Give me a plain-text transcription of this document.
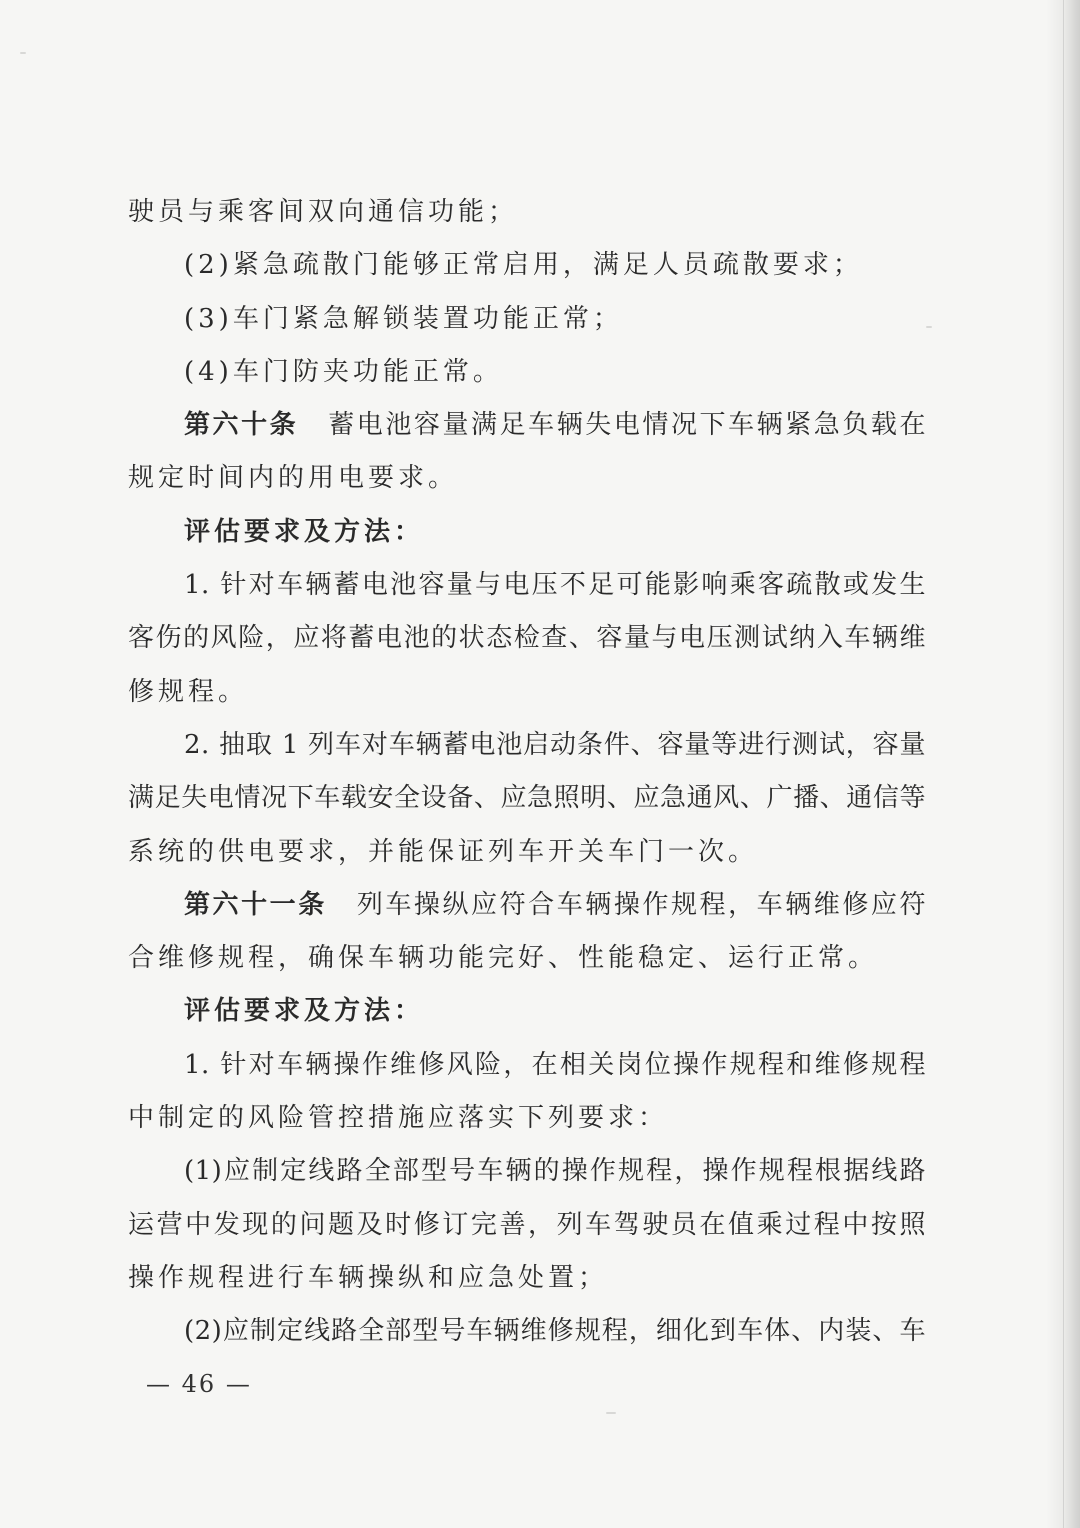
驶员与乘客间双向通信功能；
(2)紧急疏散门能够正常启用，满足人员疏散要求；
(3)车门紧急解锁装置功能正常；
(4)车门防夹功能正常。
第六十条 蓄电池容量满足车辆失电情况下车辆紧急负载在
规定时间内的用电要求。
评估要求及方法：
1. 针对车辆蓄电池容量与电压不足可能影响乘客疏散或发生
客伤的风险，应将蓄电池的状态检查、容量与电压测试纳入车辆维
修规程。
2. 抽取 1 列车对车辆蓄电池启动条件、容量等进行测试，容量
满足失电情况下车载安全设备、应急照明、应急通风、广播、通信等
系统的供电要求，并能保证列车开关车门一次。
第六十一条 列车操纵应符合车辆操作规程，车辆维修应符
合维修规程，确保车辆功能完好、性能稳定、运行正常。
评估要求及方法：
1. 针对车辆操作维修风险，在相关岗位操作规程和维修规程
中制定的风险管控措施应落实下列要求：
(1)应制定线路全部型号车辆的操作规程，操作规程根据线路
运营中发现的问题及时修订完善，列车驾驶员在值乘过程中按照
操作规程进行车辆操纵和应急处置；
(2)应制定线路全部型号车辆维修规程，细化到车体、内装、车
— 46 —
